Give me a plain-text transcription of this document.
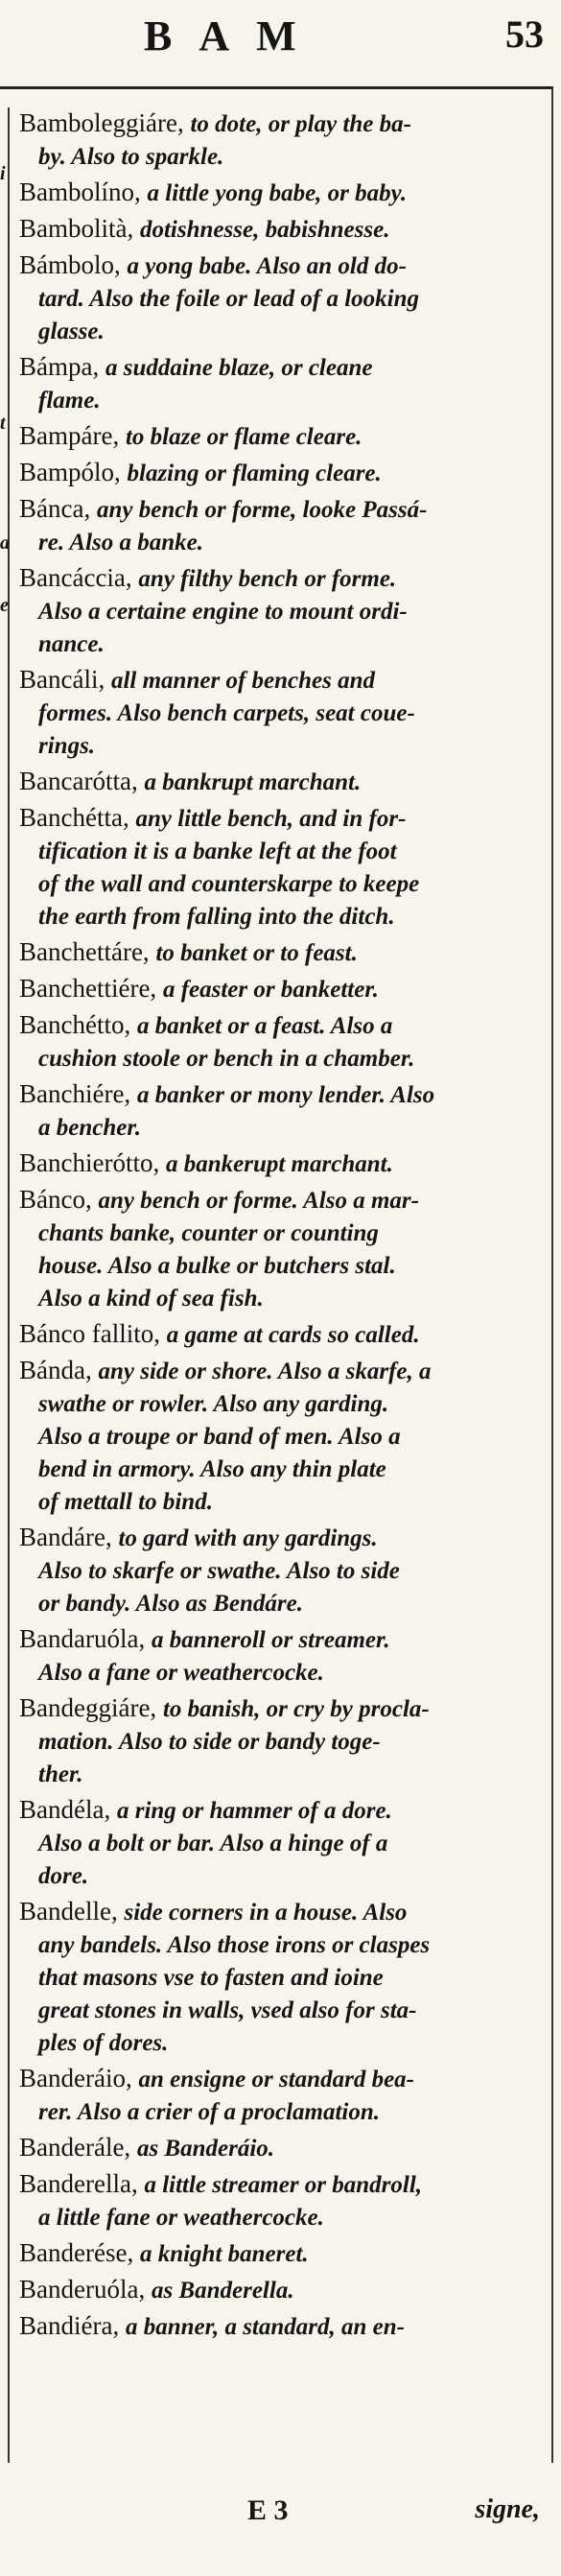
BAM	53
i
t
a
e
Bamboleggiáre, to dote, or play the ba-
by. Also to sparkle.
Bambolíno, a little yong babe, or baby.
Bambolità, dotishnesse, babishnesse.
Bámbolo, a yong babe. Also an old do-
tard. Also the foile or lead of a looking
glasse.
Bámpa, a suddaine blaze, or cleane
flame.
Bampáre, to blaze or flame cleare.
Bampólo, blazing or flaming cleare.
Bánca, any bench or forme, looke Passá-
re. Also a banke.
Bancáccia, any filthy bench or forme.
Also a certaine engine to mount ordi-
nance.
Bancáli, all manner of benches and
formes. Also bench carpets, seat coue-
rings.
Bancarótta, a bankrupt marchant.
Banchétta, any little bench, and in for-
tification it is a banke left at the foot
of the wall and counterskarpe to keepe
the earth from falling into the ditch.
Banchettáre, to banket or to feast.
Banchettiére, a feaster or banketter.
Banchétto, a banket or a feast. Also a
cushion stoole or bench in a chamber.
Banchiére, a banker or mony lender. Also
a bencher.
Banchierótto, a bankerupt marchant.
Bánco, any bench or forme. Also a mar-
chants banke, counter or counting
house. Also a bulke or butchers stal.
Also a kind of sea fish.
Bánco fallito, a game at cards so called.
Bánda, any side or shore. Also a skarfe, a
swathe or rowler. Also any garding.
Also a troupe or band of men. Also a
bend in armory. Also any thin plate
of mettall to bind.
Bandáre, to gard with any gardings.
Also to skarfe or swathe. Also to side
or bandy. Also as Bendáre.
Bandaruóla, a banneroll or streamer.
Also a fane or weathercocke.
Bandeggiáre, to banish, or cry by procla-
mation. Also to side or bandy toge-
ther.
Bandéla, a ring or hammer of a dore.
Also a bolt or bar. Also a hinge of a
dore.
Bandelle, side corners in a house. Also
any bandels. Also those irons or claspes
that masons vse to fasten and ioine
great stones in walls, vsed also for sta-
ples of dores.
Banderáio, an ensigne or standard bea-
rer. Also a crier of a proclamation.
Banderále, as Banderáio.
Banderella, a little streamer or bandroll,
a little fane or weathercocke.
Banderése, a knight baneret.
Banderuóla, as Banderella.
Bandiéra, a banner, a standard, an en-
E 3	signe,
